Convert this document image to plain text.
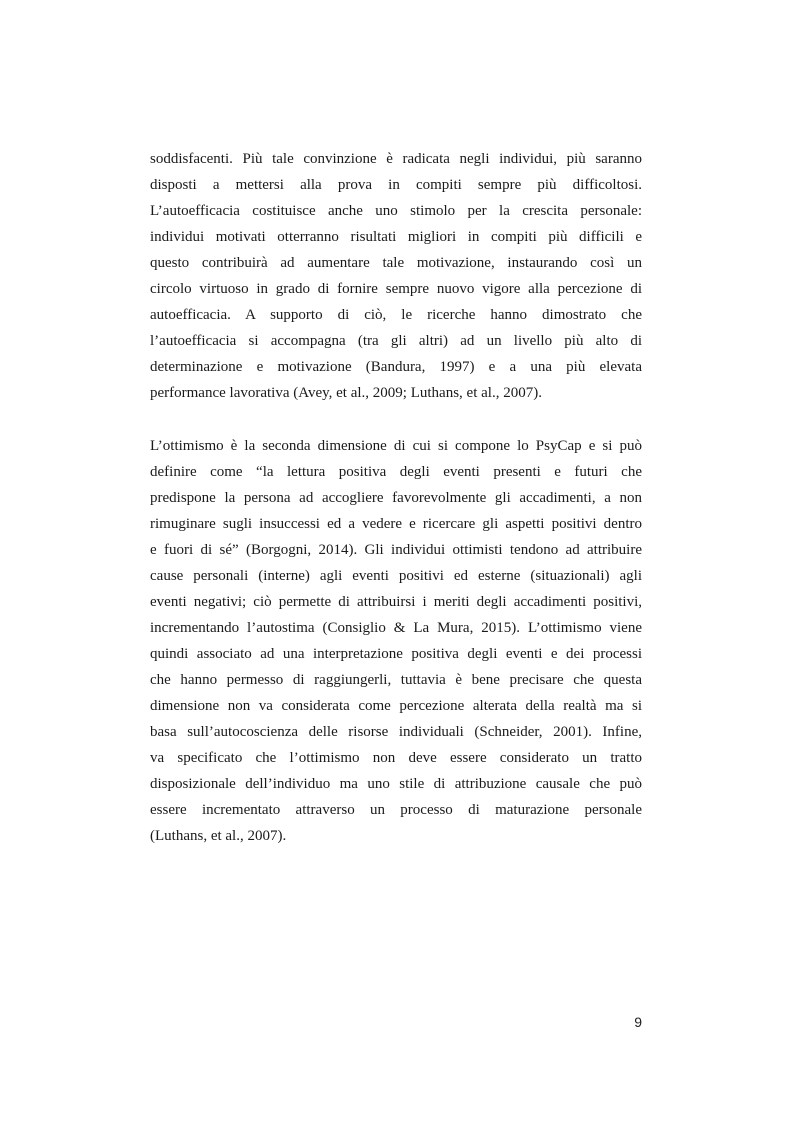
soddisfacenti. Più tale convinzione è radicata negli individui, più saranno
disposti a mettersi alla prova in compiti sempre più difficoltosi.
L’autoefficacia costituisce anche uno stimolo per la crescita personale:
individui motivati otterranno risultati migliori in compiti più difficili e
questo contribuirà ad aumentare tale motivazione, instaurando così un
circolo virtuoso in grado di fornire sempre nuovo vigore alla percezione di
autoefficacia. A supporto di ciò, le ricerche hanno dimostrato che
l’autoefficacia si accompagna (tra gli altri) ad un livello più alto di
determinazione e motivazione (Bandura, 1997) e a una più elevata
performance lavorativa (Avey, et al., 2009; Luthans, et al., 2007).
L’ottimismo è la seconda dimensione di cui si compone lo PsyCap e si può
definire come “la lettura positiva degli eventi presenti e futuri che
predispone la persona ad accogliere favorevolmente gli accadimenti, a non
rimuginare sugli insuccessi ed a vedere e ricercare gli aspetti positivi dentro
e fuori di sé” (Borgogni, 2014). Gli individui ottimisti tendono ad attribuire
cause personali (interne) agli eventi positivi ed esterne (situazionali) agli
eventi negativi; ciò permette di attribuirsi i meriti degli accadimenti positivi,
incrementando l’autostima (Consiglio & La Mura, 2015). L’ottimismo viene
quindi associato ad una interpretazione positiva degli eventi e dei processi
che hanno permesso di raggiungerli, tuttavia è bene precisare che questa
dimensione non va considerata come percezione alterata della realtà ma si
basa sull’autocoscienza delle risorse individuali (Schneider, 2001). Infine,
va specificato che l’ottimismo non deve essere considerato un tratto
disposizionale dell’individuo ma uno stile di attribuzione causale che può
essere incrementato attraverso un processo di maturazione personale
(Luthans, et al., 2007).
9
